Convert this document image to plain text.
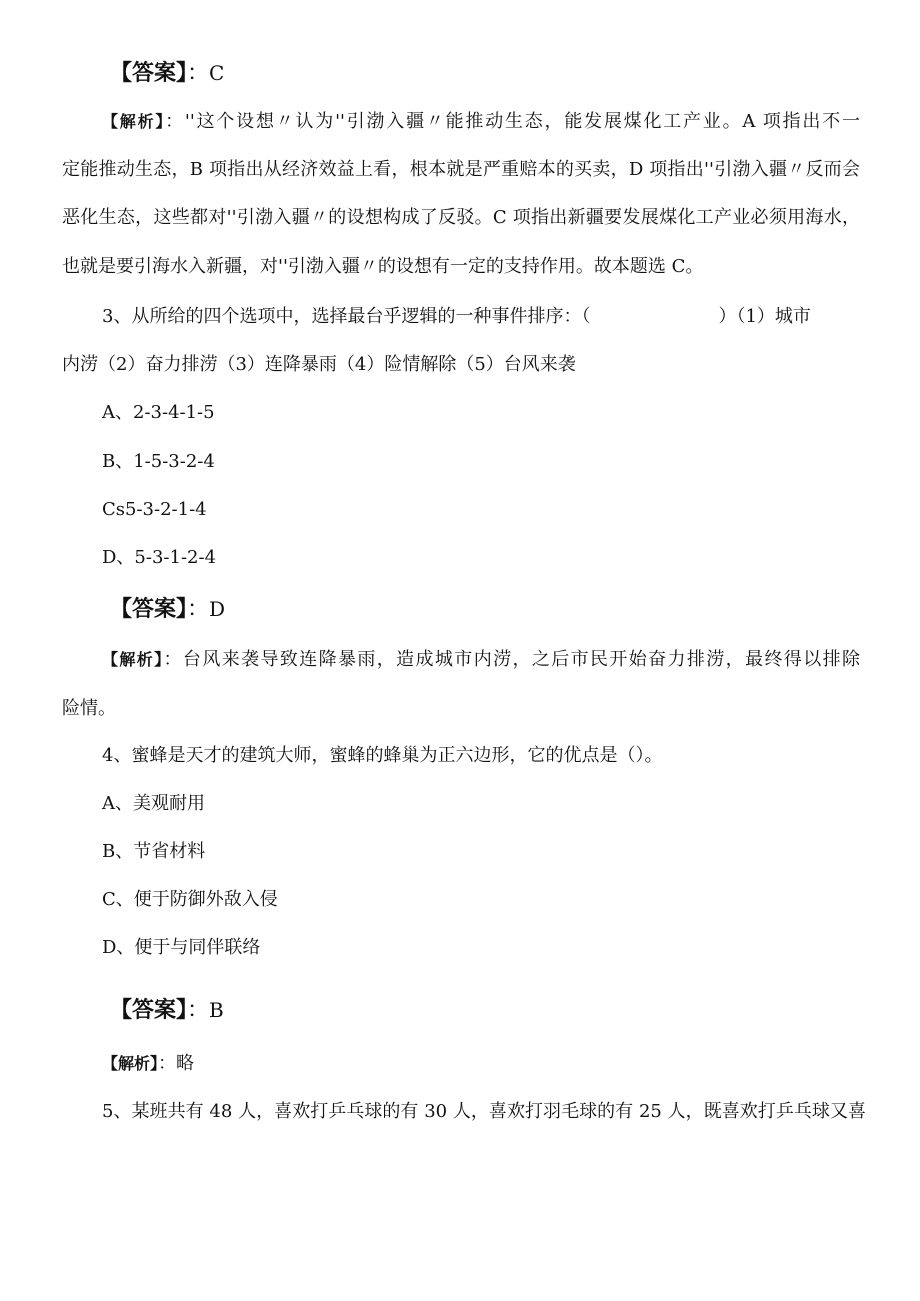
【答案】：C
【解析】：''这个设想〃认为''引渤入疆〃能推动生态，能发展煤化工产业。A 项指出不一
定能推动生态，B 项指出从经济效益上看，根本就是严重赔本的买卖，D 项指出''引渤入疆〃反而会
恶化生态，这些都对''引渤入疆〃的设想构成了反驳。C 项指出新疆要发展煤化工产业必须用海水，
也就是要引海水入新疆，对''引渤入疆〃的设想有一定的支持作用。故本题选 C。
3、从所给的四个选项中，选择最台乎逻辑的一种事件排序：（	）（1）城市
内涝（2）奋力排涝（3）连降暴雨（4）险情解除（5）台风来袭
A、2-3-4-1-5
B、1-5-3-2-4
Cs5-3-2-1-4
D、5-3-1-2-4
【答案】：D
【解析】：台风来袭导致连降暴雨，造成城市内涝，之后市民开始奋力排涝，最终得以排除
险情。
4、蜜蜂是天才的建筑大师，蜜蜂的蜂巢为正六边形，它的优点是（）。
A、美观耐用
B、节省材料
C、便于防御外敌入侵
D、便于与同伴联络
【答案】：B
【解析】：略
5、某班共有 48 人，喜欢打乒乓球的有 30 人，喜欢打羽毛球的有 25 人，既喜欢打乒乓球又喜
